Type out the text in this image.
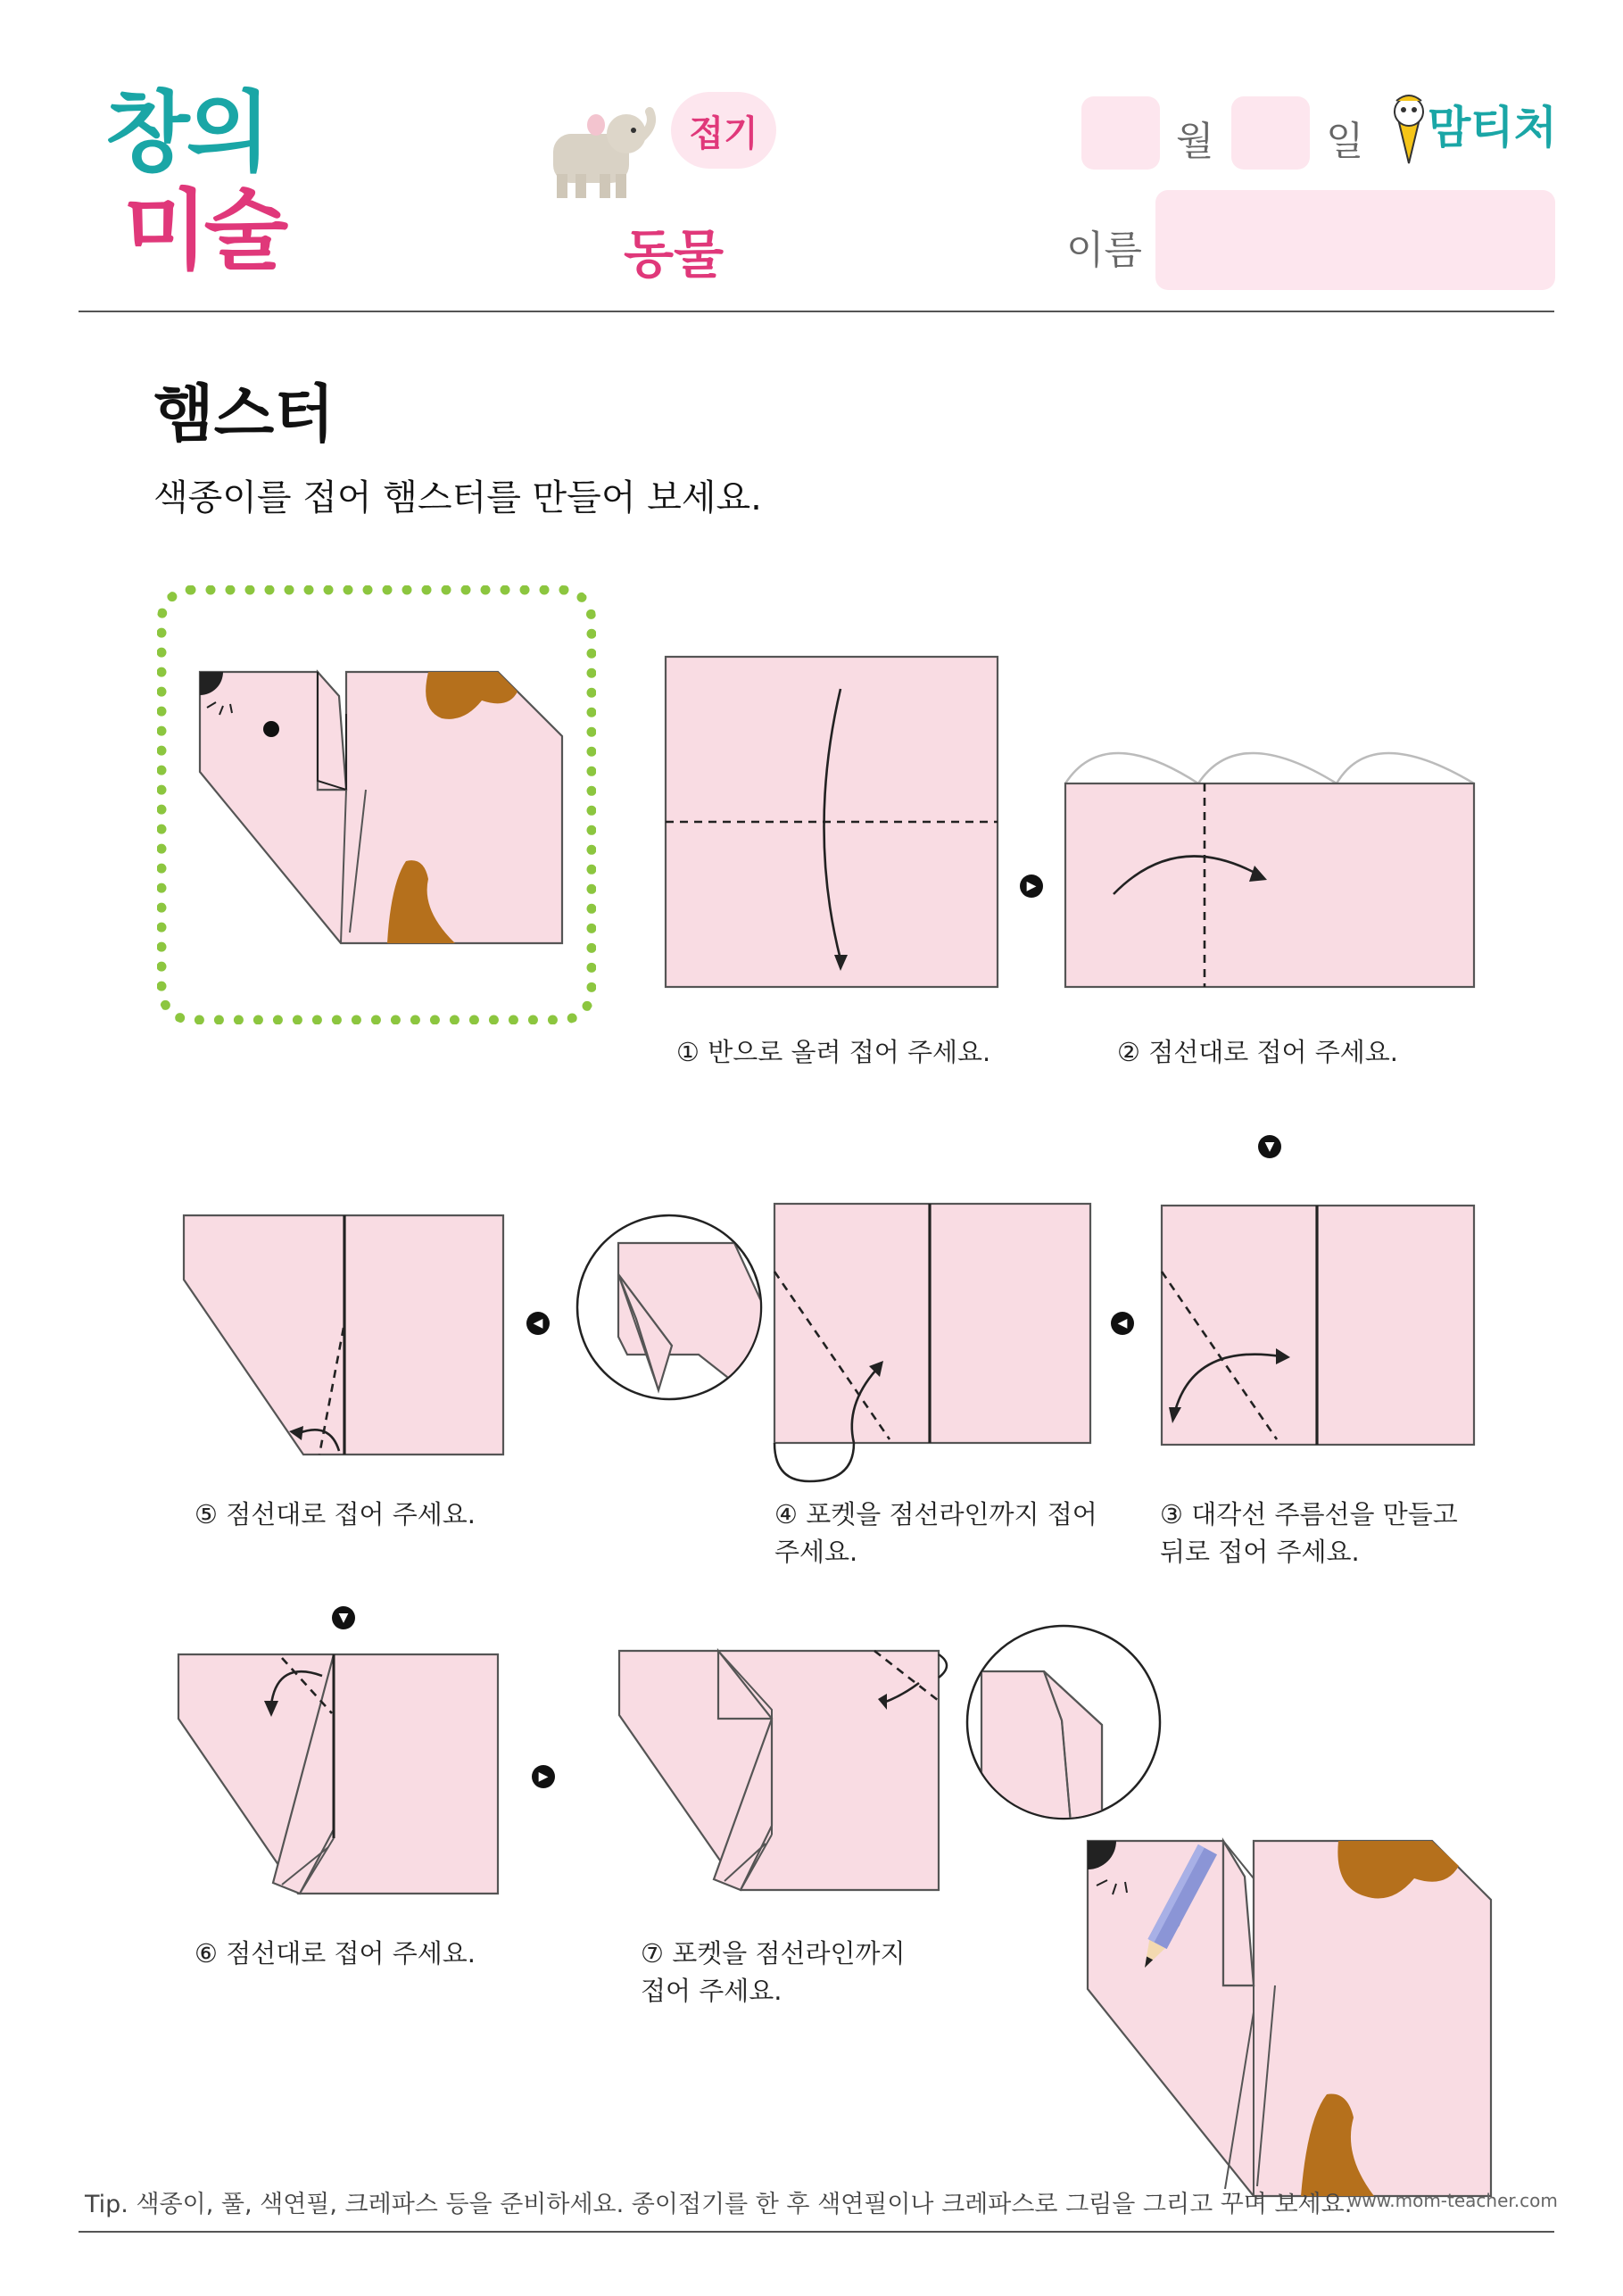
창의
미술
접기
동물
월	일 맘티처
이름
햄스터
색종이를 접어 햄스터를 만들어 보세요.
① 반으로 올려 접어 주세요.
▶
② 점선대로 접어 주세요.
▼
③ 대각선 주름선을 만들고
뒤로 접어 주세요.
◀
④ 포켓을 점선라인까지 접어
주세요.
◀
⑤ 점선대로 접어 주세요.
▼
⑥ 점선대로 접어 주세요.
▶
⑦ 포켓을 점선라인까지
접어 주세요.
Tip. 색종이, 풀, 색연필, 크레파스 등을 준비하세요. 종이접기를 한 후 색연필이나 크레파스로 그림을 그리고 꾸며 보세요.
www.mom-teacher.com
